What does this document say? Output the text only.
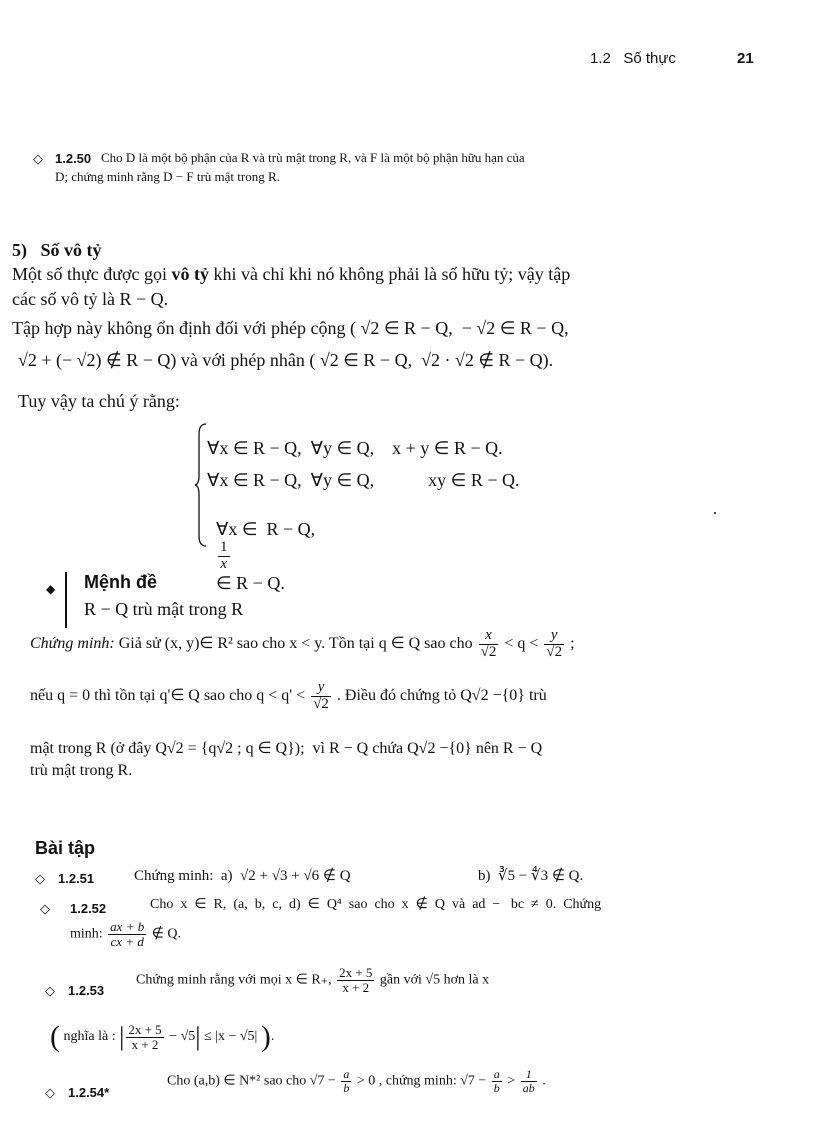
1.2   Số thực	21
◇ 1.2.50 Cho D là một bộ phận của R và trù mật trong R, và F là một bộ phận hữu hạn của
D; chứng minh rằng D − F trù mật trong R.
5)   Số vô tỷ
Một số thực được gọi vô tỷ khi và chỉ khi nó không phải là số hữu tỷ; vậy tập
các số vô tỷ là R − Q.
Tập hợp này không ổn định đối với phép cộng ( √2 ∈ R − Q,  − √2 ∈ R − Q,
√2 + (− √2) ∉ R − Q) và với phép nhân ( √2 ∈ R − Q,  √2 · √2 ∉ R − Q).
Tuy vậy ta chú ý rằng:
∀x ∈ R − Q,  ∀y ∈ Q,    x + y ∈ R − Q.
∀x ∈ R − Q,  ∀y ∈ Q,            xy ∈ R − Q.

∀x ∈  R − Q,

$\frac{1}{x}$

∈ R − Q.

◆ Mệnh đề
R − Q trù mật trong R
Chứng minh: Giả sử (x, y)∈ R² sao cho x < y. Tồn tại q ∈ Q sao cho $\frac{x}{√2} < q < \frac{y}{√2}$ ;
nếu q = 0 thì tồn tại q'∈ Q sao cho $q < q' < \frac{y}{√2}$ . Điều đó chứng tỏ Q√2 −{0} trù
mật trong R (ở đây Q√2 = {q√2 ; q ∈ Q});  vì R − Q chứa Q√2 −{0} nên R − Q
trù mật trong R.
Bài tập
◇ 1.2.51	Chứng minh:  a)  √2 + √3 + √6 ∉ Q	b)  ∛5 − ∜3 ∉ Q.
◇ 1.2.52	Cho  x  ∈  R,  (a,  b,  c,  d)  ∈  Q⁴  sao  cho  x  ∉  Q  và  ad  −   bc  ≠  0.  Chứng
minh: $\frac{ax + b}{cx + d}$ ∉ Q.
◇ 1.2.53
Chứng minh rằng với mọi x ∈ R₊, $\frac{2x + 5}{x + 2}$ gần với √5 hơn là x
( nghĩa là : | $\frac{2x + 5}{x + 2} - √5| \le |x - √5|$ ).
◇ 1.2.54*
Cho (a,b) ∈ N*² sao cho $√7 - \frac{a}{b} > 0$ , chứng minh: $√7 - \frac{a}{b} > \frac{1}{ab}$ .
